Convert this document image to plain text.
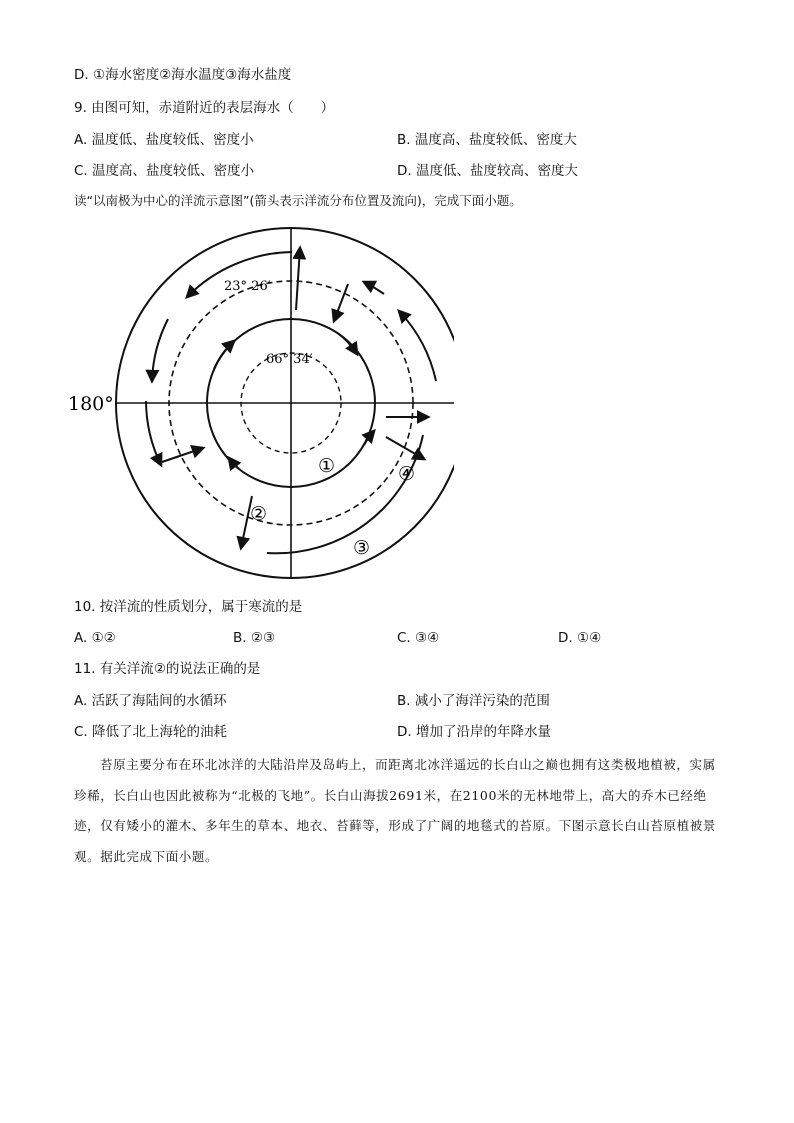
D. ①海水密度②海水温度③海水盐度
9. 由图可知，赤道附近的表层海水（　　）
A. 温度低、盐度较低、密度小	B. 温度高、盐度较低、密度大
C. 温度高、盐度较低、密度小	D. 温度低、盐度较高、密度大
读“以南极为中心的洋流示意图”(箭头表示洋流分布位置及流向)，完成下面小题。
180°
23° 26′
66° 34′
①
②
③
④
10. 按洋流的性质划分，属于寒流的是
A. ①②	B. ②③	C. ③④	D. ①④
11. 有关洋流②的说法正确的是
A. 活跃了海陆间的水循环	B. 减小了海洋污染的范围
C. 降低了北上海轮的油耗	D. 增加了沿岸的年降水量
苔原主要分布在环北冰洋的大陆沿岸及岛屿上，而距离北冰洋遥远的长白山之巅也拥有这类极地植被，实属珍稀，长白山也因此被称为“北极的飞地”。长白山海拔2691米，在2100米的无林地带上，高大的乔木已经绝迹，仅有矮小的灌木、多年生的草本、地衣、苔藓等，形成了广阔的地毯式的苔原。下图示意长白山苔原植被景观。据此完成下面小题。
